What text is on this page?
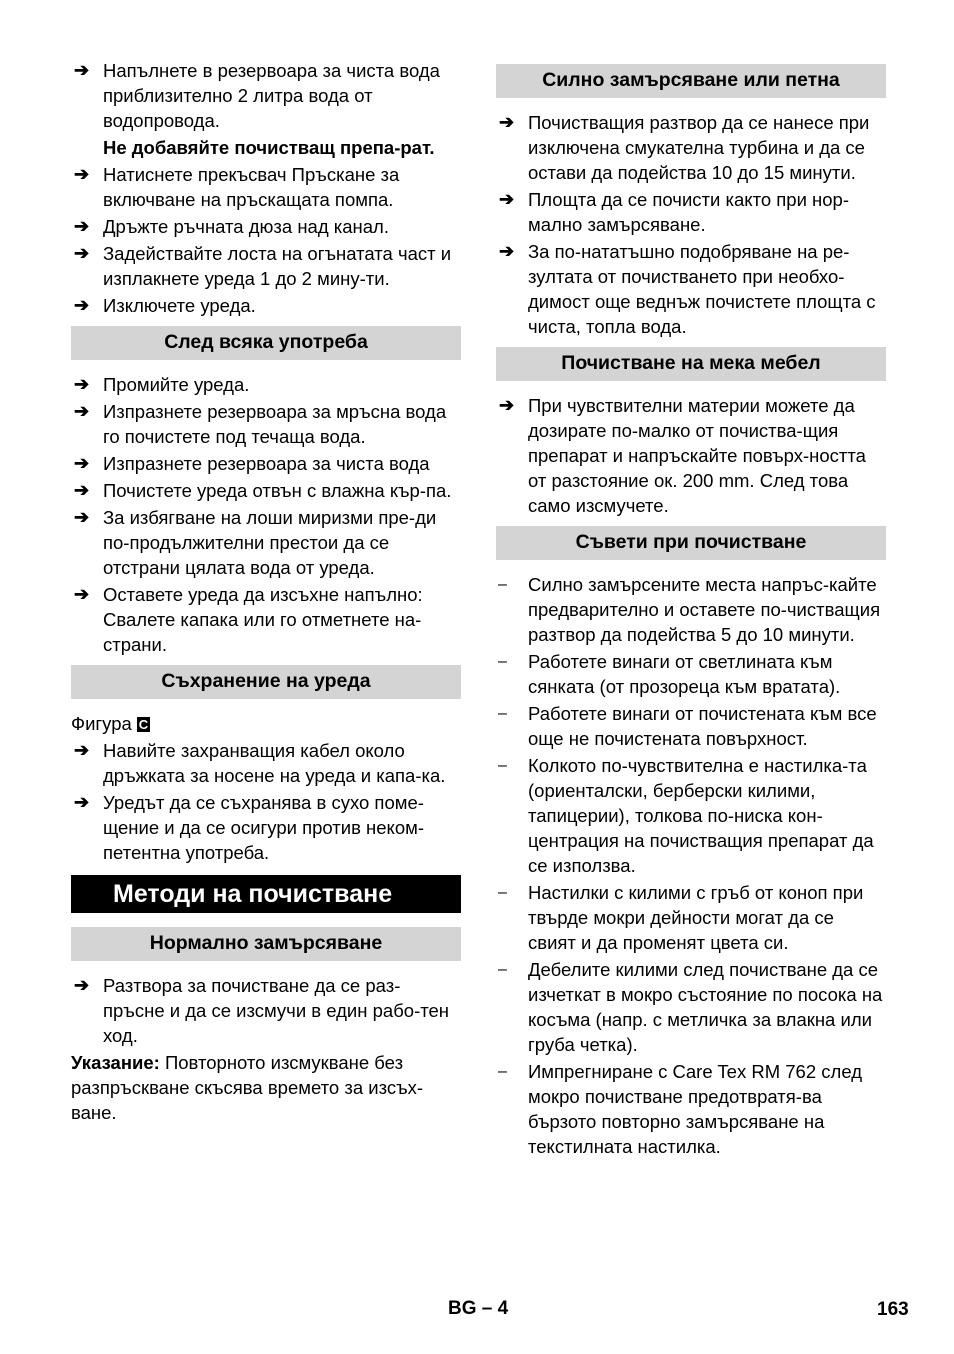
➔ Напълнете в резервоара за чиста вода приблизително 2 литра вода от водопровода.
Не добавяйте почистващ препа-рат.
➔ Натиснете прекъсвач Пръскане за включване на пръскащата помпа.
➔ Дръжте ръчната дюза над канал.
➔ Задействайте лоста на огънатата част и изплакнете уреда 1 до 2 мину-ти.
➔ Изключете уреда.
След всяка употреба
➔ Промийте уреда.
➔ Изпразнете резервоара за мръсна вода го почистете под течаща вода.
➔ Изпразнете резервоара за чиста вода
➔ Почистете уреда отвън с влажна кър-па.
➔ За избягване на лоши миризми пре-ди по-продължителни престои да се отстрани цялата вода от уреда.
➔ Оставете уреда да изсъхне напълно: Свалете капака или го отметнете на-страни.
Съхранение на уреда
Фигура C
➔ Навийте захранващия кабел около дръжката за носене на уреда и капа-ка.
➔ Уредът да се съхранява в сухо поме-щение и да се осигури против неком-петентна употреба.
Методи на почистване
Нормално замърсяване
➔ Разтвора за почистване да се раз-пръсне и да се изсмучи в един рабо-тен ход.
Указание: Повторното изсмукване без разпръскване скъсява времето за изсъх-ване.
Силно замърсяване или петна
➔ Почистващия разтвор да се нанесе при изключена смукателна турбина и да се остави да подейства 10 до 15 минути.
➔ Площта да се почисти както при нор-мално замърсяване.
➔ За по-нататъшно подобряване на ре-зултата от почистването при необхо-димост още веднъж почистете площта с чиста, топла вода.
Почистване на мека мебел
➔ При чувствителни материи можете да дозирате по-малко от почиства-щия препарат и напръскайте повърх-ността от разстояние ок. 200 mm. След това само изсмучете.
Съвети при почистване
– Силно замърсените места напръс-кайте предварително и оставете по-чистващия разтвор да подейства 5 до 10 минути.
– Работете винаги от светлината към сянката (от прозореца към вратата).
– Работете винаги от почистената към все още не почистената повърхност.
– Колкото по-чувствителна е настилка-та (ориенталски, берберски килими, тапицерии), толкова по-ниска кон-центрация на почистващия препарат да се използва.
– Настилки с килими с гръб от коноп при твърде мокри дейности могат да се свият и да променят цвета си.
– Дебелите килими след почистване да се изчеткат в мокро състояние по посока на косъма (напр. с метличка за влакна или груба четка).
– Импрегниране с Care Tex RM 762 след мокро почистване предотвратя-ва бързото повторно замърсяване на текстилната настилка.
BG – 4	163
